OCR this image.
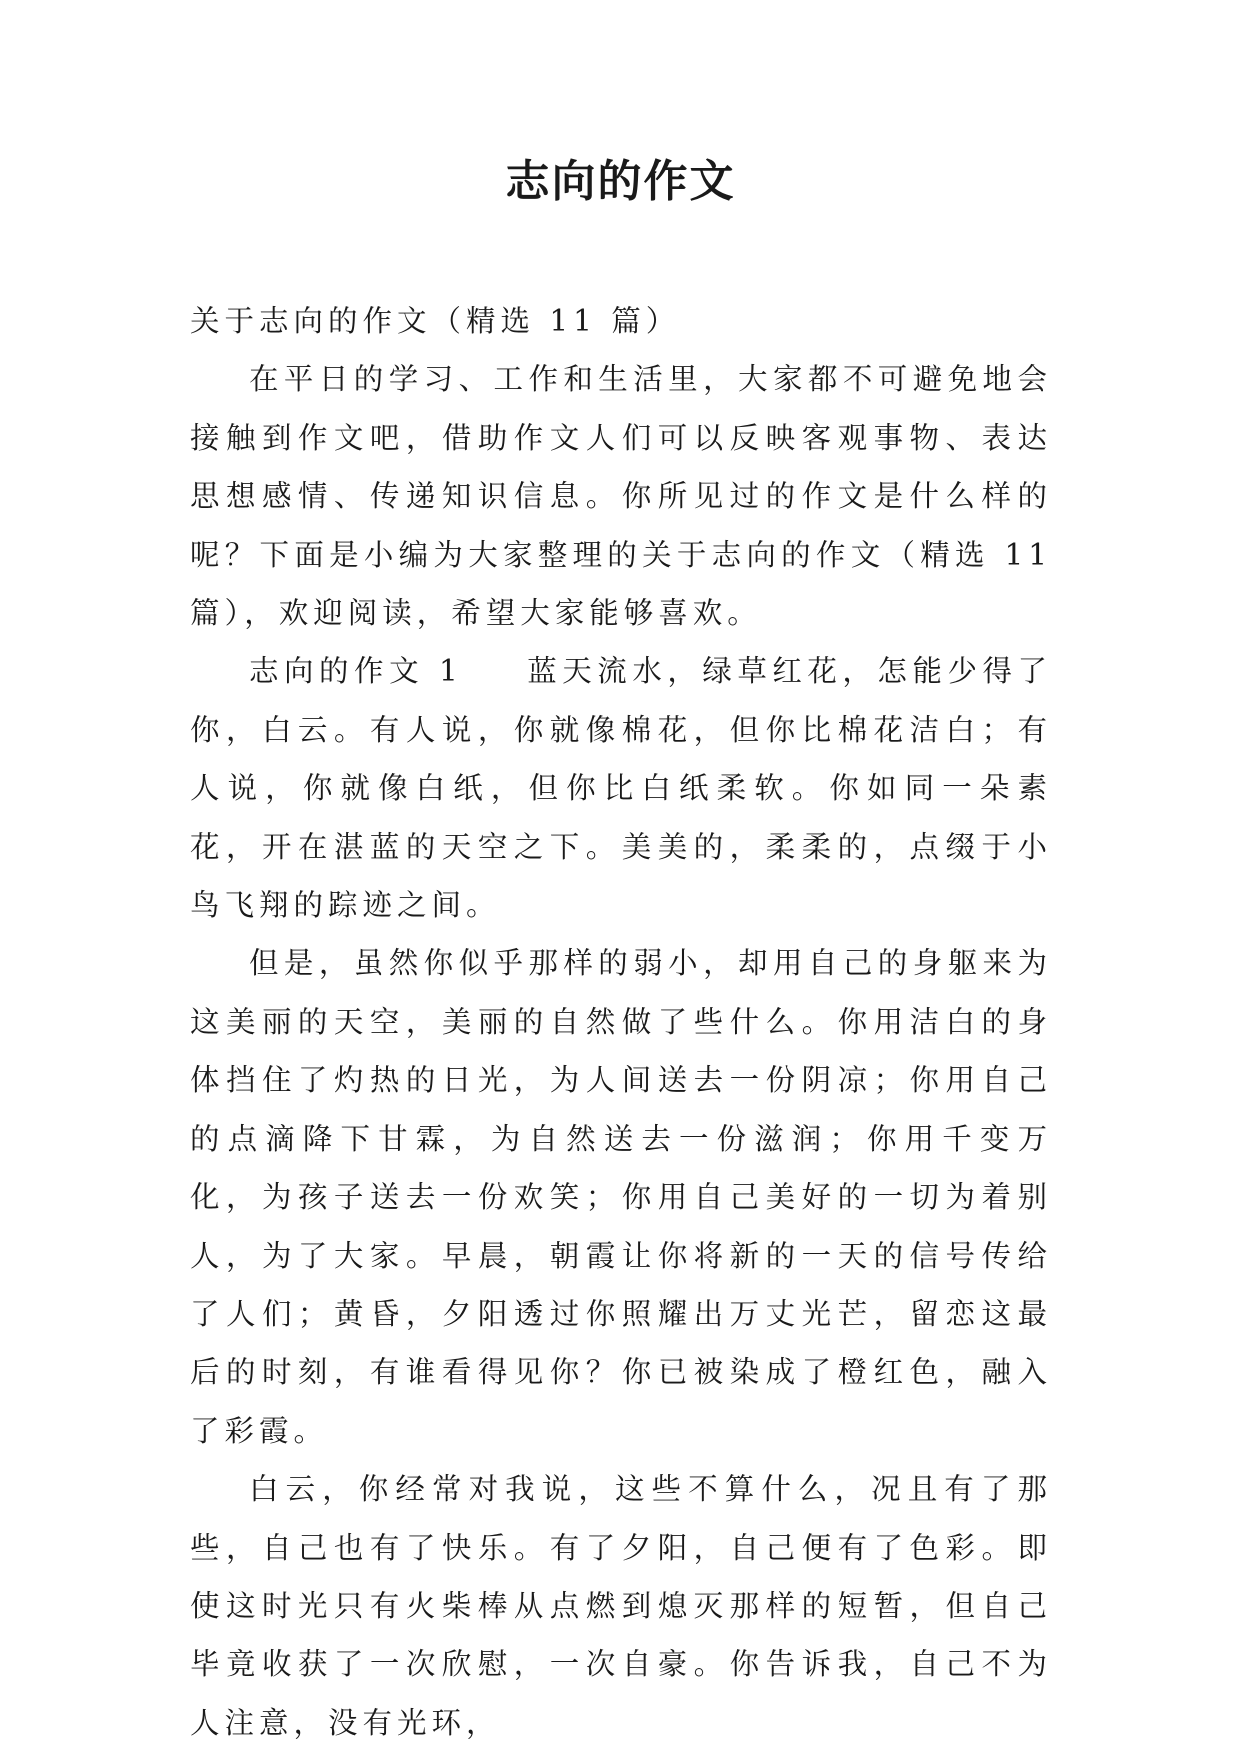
志向的作文

关于志向的作文（精选 11 篇）

在平日的学习、工作和生活里，大家都不可避免地会接触到作文吧，借助作文人们可以反映客观事物、表达思想感情、传递知识信息。你所见过的作文是什么样的呢？下面是小编为大家整理的关于志向的作文（精选 11 篇），欢迎阅读，希望大家能够喜欢。

志向的作文 1 蓝天流水，绿草红花，怎能少得了你，白云。有人说，你就像棉花，但你比棉花洁白；有人说，你就像白纸，但你比白纸柔软。你如同一朵素花，开在湛蓝的天空之下。美美的，柔柔的，点缀于小鸟飞翔的踪迹之间。

但是，虽然你似乎那样的弱小，却用自己的身躯来为这美丽的天空，美丽的自然做了些什么。你用洁白的身体挡住了灼热的日光，为人间送去一份阴凉；你用自己的点滴降下甘霖，为自然送去一份滋润；你用千变万化，为孩子送去一份欢笑；你用自己美好的一切为着别人，为了大家。早晨，朝霞让你将新的一天的信号传给了人们；黄昏，夕阳透过你照耀出万丈光芒，留恋这最后的时刻，有谁看得见你？你已被染成了橙红色，融入了彩霞。

白云，你经常对我说，这些不算什么，况且有了那些，自己也有了快乐。有了夕阳，自己便有了色彩。即使这时光只有火柴棒从点燃到熄灭那样的短暂，但自己毕竟收获了一次欣慰，一次自豪。你告诉我，自己不为人注意，没有光环，
